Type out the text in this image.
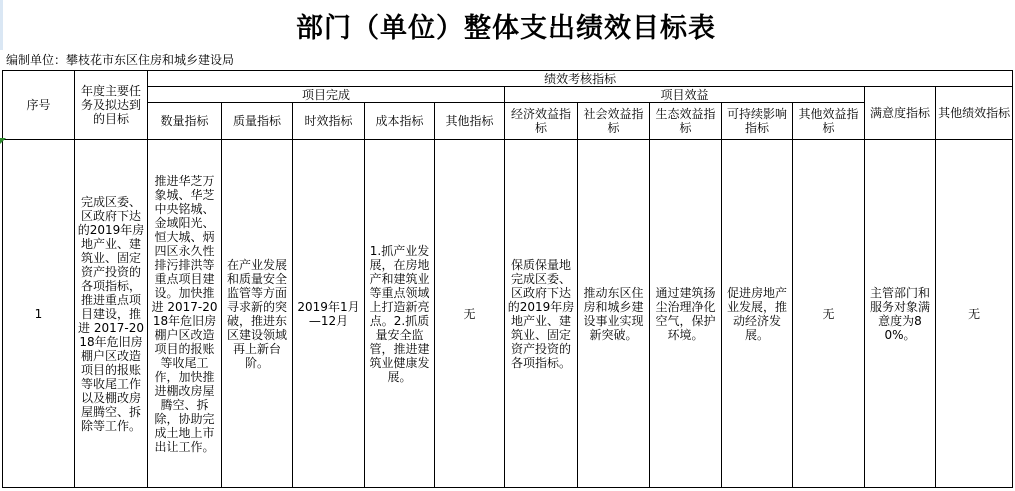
部门（单位）整体支出绩效目标表
编制单位：攀枝花市东区住房和城乡建设局
序号	年度主要任务及拟达到的目标	绩效考核指标											
		项目完成					项目效益					满意度指标	其他绩效指标
		数量指标	质量指标	时效指标	成本指标	其他指标	经济效益指标	社会效益指标	生态效益指标	可持续影响指标	其他效益指标		
1	完成区委、区政府下达的2019年房地产业、建筑业、固定资产投资的各项指标，推进重点项目建设，推进 2017-2018年危旧房棚户区改造项目的报账等收尾工作以及棚改房屋腾空、拆除等工作。	推进华芝万象城、华芝中央铭城、金域阳光、恒大城、炳四区永久性排污排洪等重点项目建设。加快推进 2017-2018年危旧房棚户区改造项目的报账等收尾工作，加快推进棚改房屋腾空、拆除，协助完成土地上市出让工作。	在产业发展和质量安全监管等方面寻求新的突破，推进东区建设领域再上新台阶。	2019年1月—12月	1.抓产业发展，在房地产和建筑业等重点领域上打造新亮点。2.抓质量安全监管，推进建筑业健康发展。	无	保质保量地完成区委、区政府下达的2019年房地产业、建筑业、固定资产投资的各项指标。	推动东区住房和城乡建设事业实现新突破。	通过建筑扬尘治理净化空气，保护环境。	促进房地产业发展，推动经济发展。	无	主管部门和服务对象满意度为80%。	无
